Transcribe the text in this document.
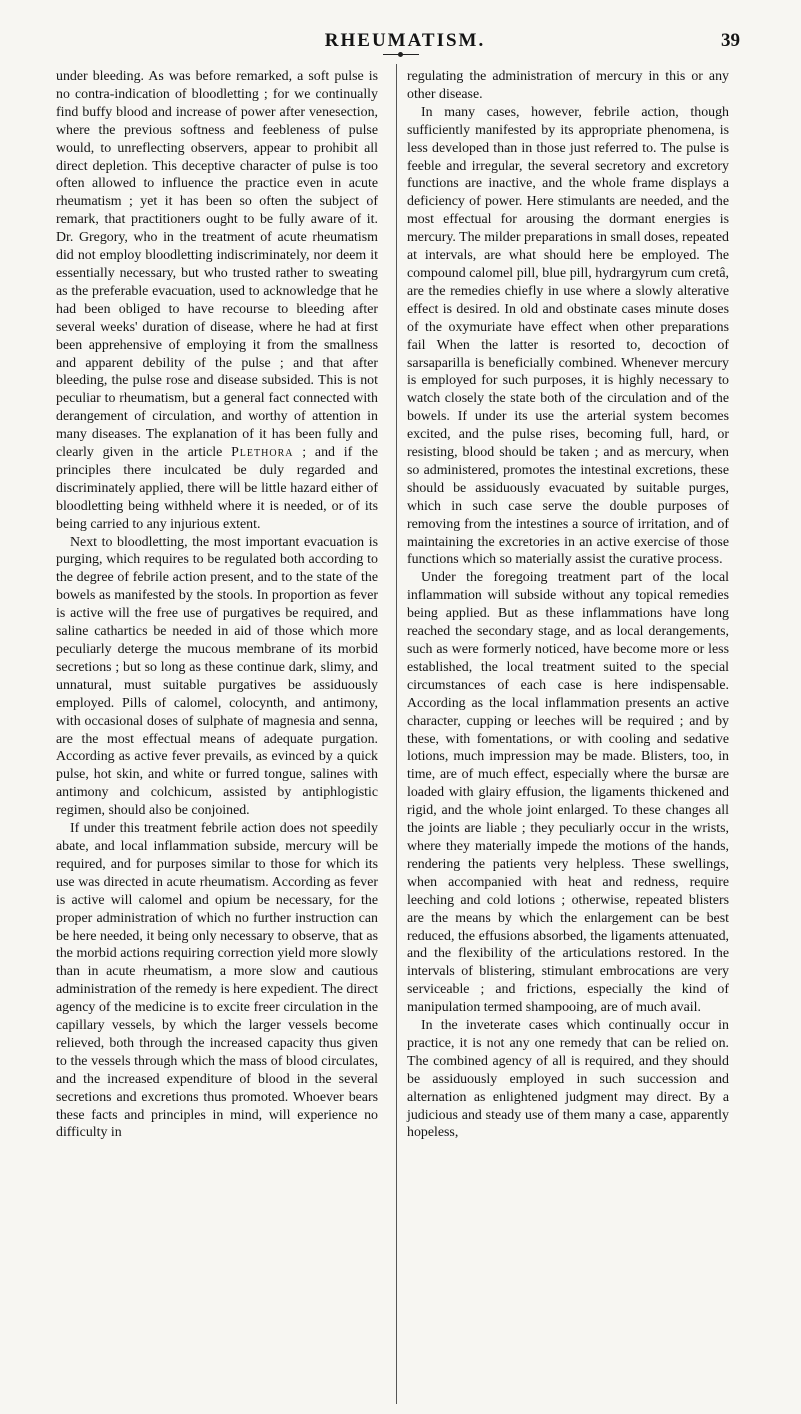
RHEUMATISM.	39

under bleeding. As was before remarked, a soft pulse is no contra-indication of bloodletting ; for we continually find buffy blood and increase of power after venesection, where the previous softness and feebleness of pulse would, to unreflecting observers, appear to prohibit all direct depletion. This deceptive character of pulse is too often allowed to influence the practice even in acute rheumatism ; yet it has been so often the subject of remark, that practitioners ought to be fully aware of it. Dr. Gregory, who in the treatment of acute rheumatism did not employ bloodletting indiscriminately, nor deem it essentially necessary, but who trusted rather to sweating as the preferable evacuation, used to acknowledge that he had been obliged to have recourse to bleeding after several weeks' duration of disease, where he had at first been apprehensive of employing it from the smallness and apparent debility of the pulse ; and that after bleeding, the pulse rose and disease subsided. This is not peculiar to rheumatism, but a general fact connected with derangement of circulation, and worthy of attention in many diseases. The explanation of it has been fully and clearly given in the article Plethora ; and if the principles there inculcated be duly regarded and discriminately applied, there will be little hazard either of bloodletting being withheld where it is needed, or of its being carried to any injurious extent.

Next to bloodletting, the most important evacuation is purging, which requires to be regulated both according to the degree of febrile action present, and to the state of the bowels as manifested by the stools. In proportion as fever is active will the free use of purgatives be required, and saline cathartics be needed in aid of those which more peculiarly deterge the mucous membrane of its morbid secretions ; but so long as these continue dark, slimy, and unnatural, must suitable purgatives be assiduously employed. Pills of calomel, colocynth, and antimony, with occasional doses of sulphate of magnesia and senna, are the most effectual means of adequate purgation. According as active fever prevails, as evinced by a quick pulse, hot skin, and white or furred tongue, salines with antimony and colchicum, assisted by antiphlogistic regimen, should also be conjoined.

If under this treatment febrile action does not speedily abate, and local inflammation subside, mercury will be required, and for purposes similar to those for which its use was directed in acute rheumatism. According as fever is active will calomel and opium be necessary, for the proper administration of which no further instruction can be here needed, it being only necessary to observe, that as the morbid actions requiring correction yield more slowly than in acute rheumatism, a more slow and cautious administration of the remedy is here expedient. The direct agency of the medicine is to excite freer circulation in the capillary vessels, by which the larger vessels become relieved, both through the increased capacity thus given to the vessels through which the mass of blood circulates, and the increased expenditure of blood in the several secretions and excretions thus promoted. Whoever bears these facts and principles in mind, will experience no difficulty in

regulating the administration of mercury in this or any other disease.

In many cases, however, febrile action, though sufficiently manifested by its appropriate phenomena, is less developed than in those just referred to. The pulse is feeble and irregular, the several secretory and excretory functions are inactive, and the whole frame displays a deficiency of power. Here stimulants are needed, and the most effectual for arousing the dormant energies is mercury. The milder preparations in small doses, repeated at intervals, are what should here be employed. The compound calomel pill, blue pill, hydrargyrum cum cretâ, are the remedies chiefly in use where a slowly alterative effect is desired. In old and obstinate cases minute doses of the oxymuriate have effect when other preparations fail When the latter is resorted to, decoction of sarsaparilla is beneficially combined. Whenever mercury is employed for such purposes, it is highly necessary to watch closely the state both of the circulation and of the bowels. If under its use the arterial system becomes excited, and the pulse rises, becoming full, hard, or resisting, blood should be taken ; and as mercury, when so administered, promotes the intestinal excretions, these should be assiduously evacuated by suitable purges, which in such case serve the double purposes of removing from the intestines a source of irritation, and of maintaining the excretories in an active exercise of those functions which so materially assist the curative process.

Under the foregoing treatment part of the local inflammation will subside without any topical remedies being applied. But as these inflammations have long reached the secondary stage, and as local derangements, such as were formerly noticed, have become more or less established, the local treatment suited to the special circumstances of each case is here indispensable. According as the local inflammation presents an active character, cupping or leeches will be required ; and by these, with fomentations, or with cooling and sedative lotions, much impression may be made. Blisters, too, in time, are of much effect, especially where the bursæ are loaded with glairy effusion, the ligaments thickened and rigid, and the whole joint enlarged. To these changes all the joints are liable ; they peculiarly occur in the wrists, where they materially impede the motions of the hands, rendering the patients very helpless. These swellings, when accompanied with heat and redness, require leeching and cold lotions ; otherwise, repeated blisters are the means by which the enlargement can be best reduced, the effusions absorbed, the ligaments attenuated, and the flexibility of the articulations restored. In the intervals of blistering, stimulant embrocations are very serviceable ; and frictions, especially the kind of manipulation termed shampooing, are of much avail.

In the inveterate cases which continually occur in practice, it is not any one remedy that can be relied on. The combined agency of all is required, and they should be assiduously employed in such succession and alternation as enlightened judgment may direct. By a judicious and steady use of them many a case, apparently hopeless,
